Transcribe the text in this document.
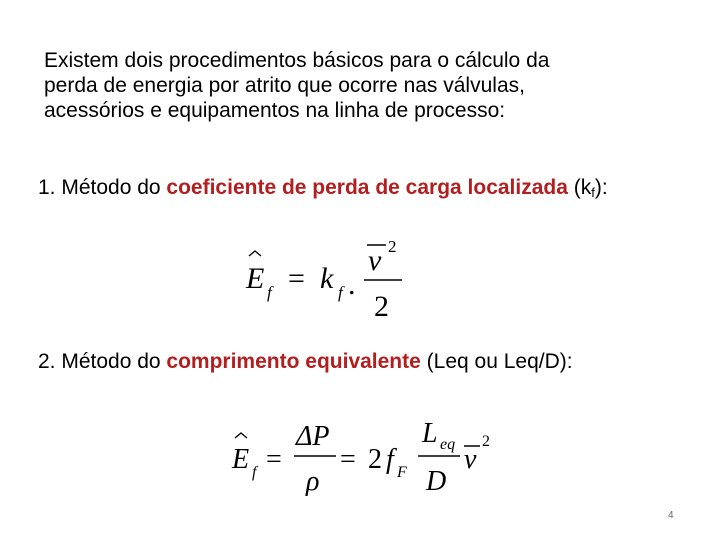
Existem dois procedimentos básicos para o cálculo da
perda de energia por atrito que ocorre nas válvulas,
acessórios e equipamentos na linha de processo:
1. Método do coeficiente de perda de carga localizada $(k_f)$:
E f = k f .
v 2
2
2. Método do comprimento equivalente (Leq ou Leq/D):
E f =
ΔP
ρ
= 2 f F
L eq
D
v
2
4
